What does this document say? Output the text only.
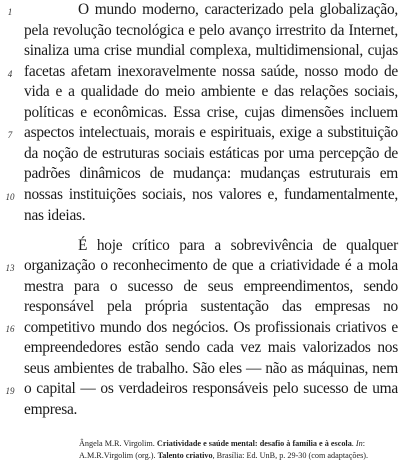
1
4
7
10
13
16
19
O mundo moderno, caracterizado pela globalização,
pela revolução tecnológica e pelo avanço irrestrito da Internet,
sinaliza uma crise mundial complexa, multidimensional, cujas
facetas afetam inexoravelmente nossa saúde, nosso modo de
vida e a qualidade do meio ambiente e das relações sociais,
políticas e econômicas. Essa crise, cujas dimensões incluem
aspectos intelectuais, morais e espirituais, exige a substituição
da noção de estruturas sociais estáticas por uma percepção de
padrões dinâmicos de mudança: mudanças estruturais em
nossas instituições sociais, nos valores e, fundamentalmente,
nas ideias.
É hoje crítico para a sobrevivência de qualquer
organização o reconhecimento de que a criatividade é a mola
mestra para o sucesso de seus empreendimentos, sendo
responsável pela própria sustentação das empresas no
competitivo mundo dos negócios. Os profissionais criativos e
empreendedores estão sendo cada vez mais valorizados nos
seus ambientes de trabalho. São eles — não as máquinas, nem
o capital — os verdadeiros responsáveis pelo sucesso de uma
empresa.
Ângela M.R. Virgolim. Criatividade e saúde mental: desafio à família e à escola. In:
A.M.R.Virgolim (org.). Talento criativo, Brasília: Ed. UnB, p. 29-30 (com adaptações).
